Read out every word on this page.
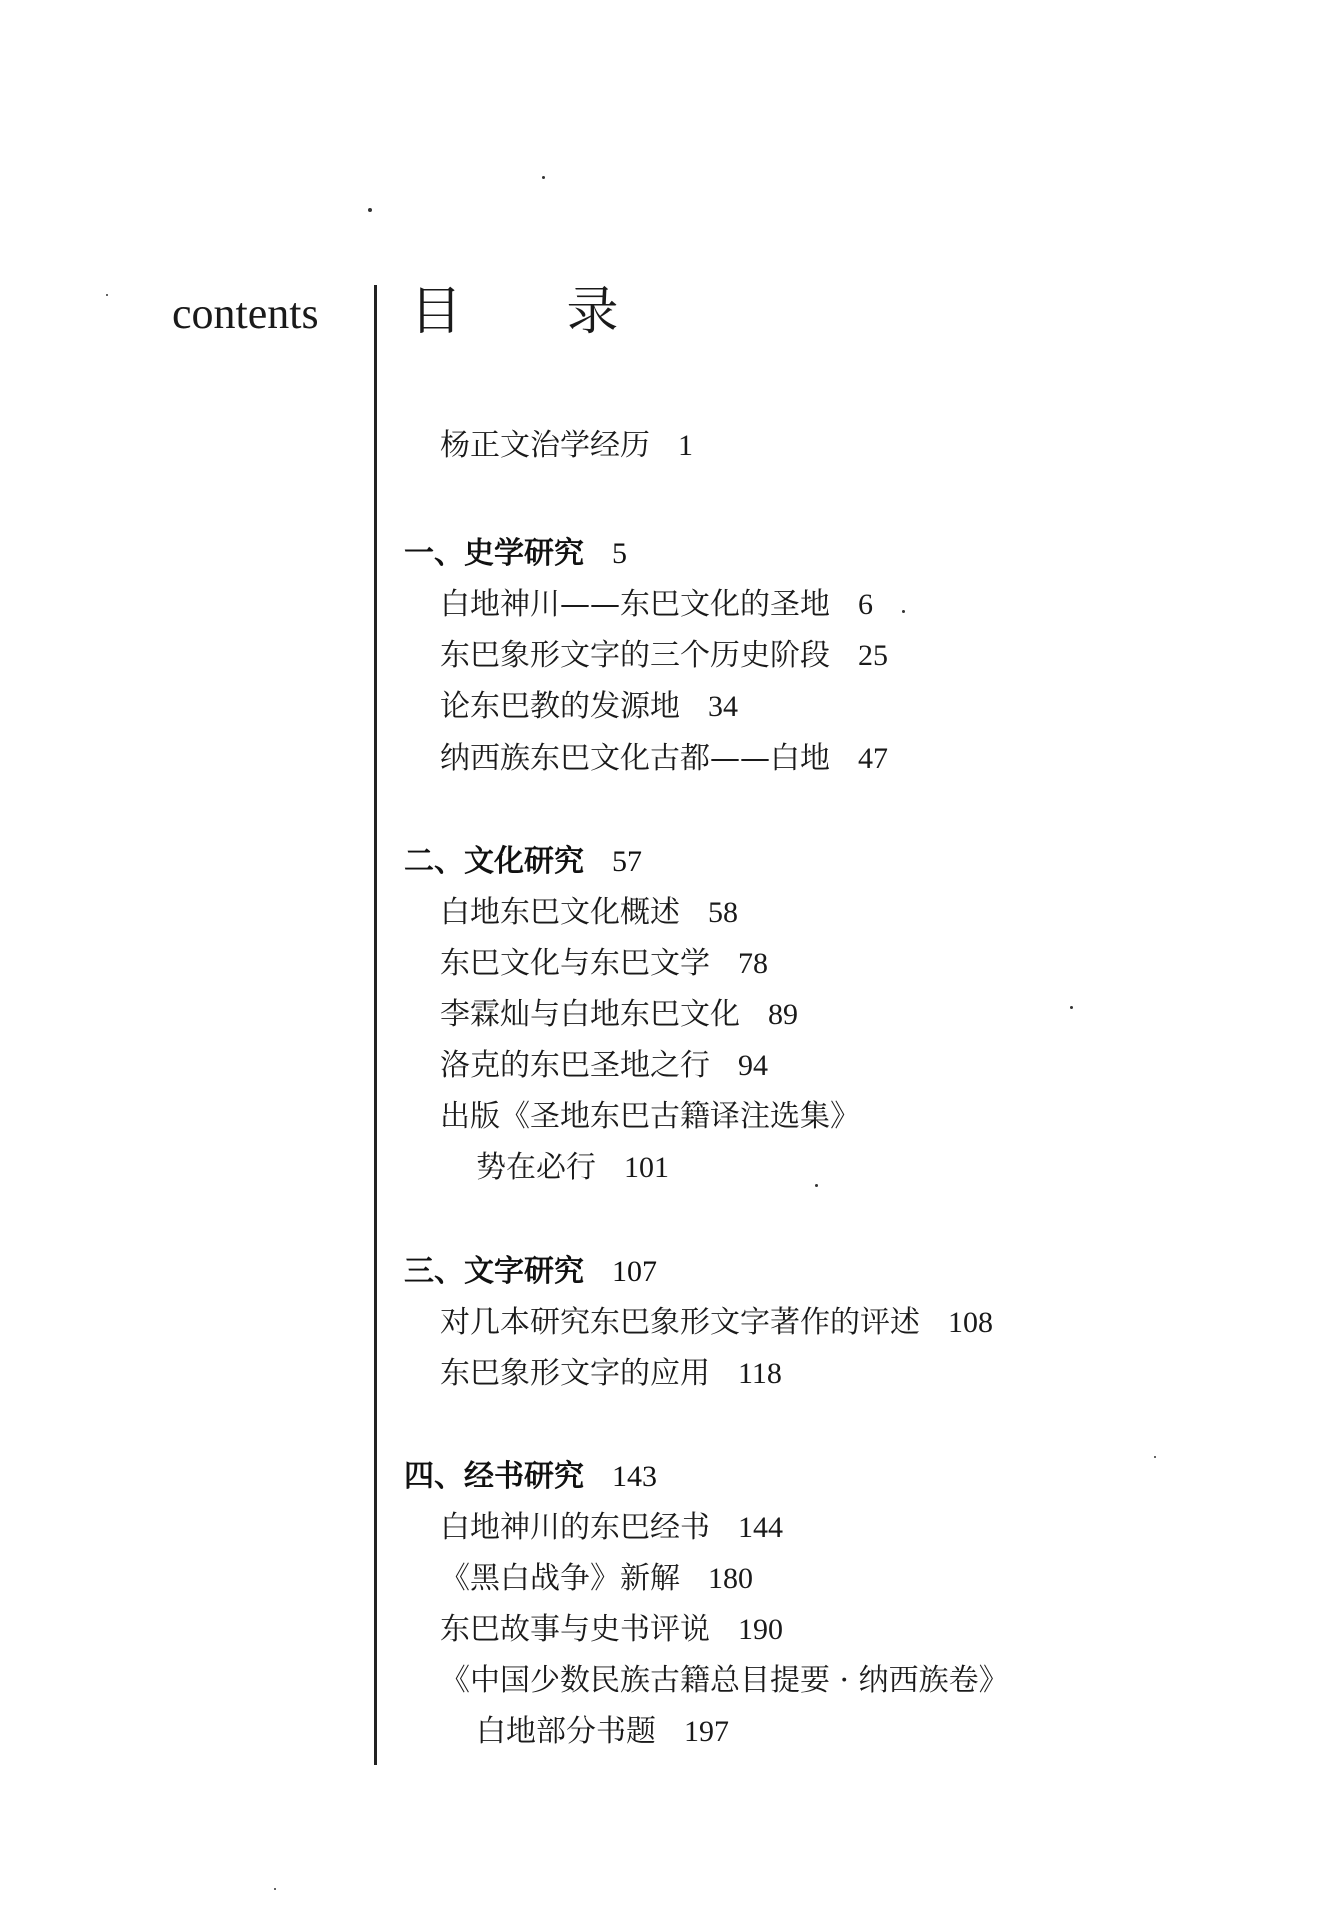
contents 目 录
杨正文治学经历 1
一、史学研究 5
白地神川——东巴文化的圣地 6
东巴象形文字的三个历史阶段 25
论东巴教的发源地 34
纳西族东巴文化古都——白地 47
二、文化研究 57
白地东巴文化概述 58
东巴文化与东巴文学 78
李霖灿与白地东巴文化 89
洛克的东巴圣地之行 94
出版《圣地东巴古籍译注选集》
势在必行 101
三、文字研究 107
对几本研究东巴象形文字著作的评述 108
东巴象形文字的应用 118
四、经书研究 143
白地神川的东巴经书 144
《黑白战争》新解 180
东巴故事与史书评说 190
《中国少数民族古籍总目提要 · 纳西族卷》
白地部分书题 197
